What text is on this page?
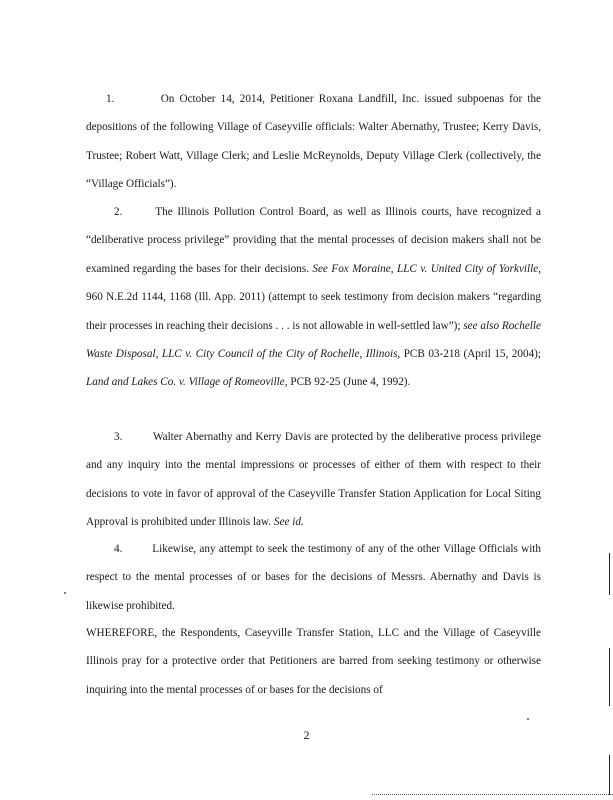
1.	On October 14, 2014, Petitioner Roxana Landfill, Inc. issued subpoenas for the depositions of the following Village of Caseyville officials: Walter Abernathy, Trustee; Kerry Davis, Trustee; Robert Watt, Village Clerk; and Leslie McReynolds, Deputy Village Clerk (collectively, the “Village Officials”).

2.	The Illinois Pollution Control Board, as well as Illinois courts, have recognized a “deliberative process privilege” providing that the mental processes of decision makers shall not be examined regarding the bases for their decisions. See Fox Moraine, LLC v. United City of Yorkville, 960 N.E.2d 1144, 1168 (Ill. App. 2011) (attempt to seek testimony from decision makers “regarding their processes in reaching their decisions . . . is not allowable in well-settled law”); see also Rochelle Waste Disposal, LLC v. City Council of the City of Rochelle, Illinois, PCB 03-218 (April 15, 2004); Land and Lakes Co. v. Village of Romeoville, PCB 92-25 (June 4, 1992).

3.	Walter Abernathy and Kerry Davis are protected by the deliberative process privilege and any inquiry into the mental impressions or processes of either of them with respect to their decisions to vote in favor of approval of the Caseyville Transfer Station Application for Local Siting Approval is prohibited under Illinois law. See id.

4.	Likewise, any attempt to seek the testimony of any of the other Village Officials with respect to the mental processes of or bases for the decisions of Messrs. Abernathy and Davis is likewise prohibited.

WHEREFORE, the Respondents, Caseyville Transfer Station, LLC and the Village of Caseyville Illinois pray for a protective order that Petitioners are barred from seeking testimony or otherwise inquiring into the mental processes of or bases for the decisions of

2
